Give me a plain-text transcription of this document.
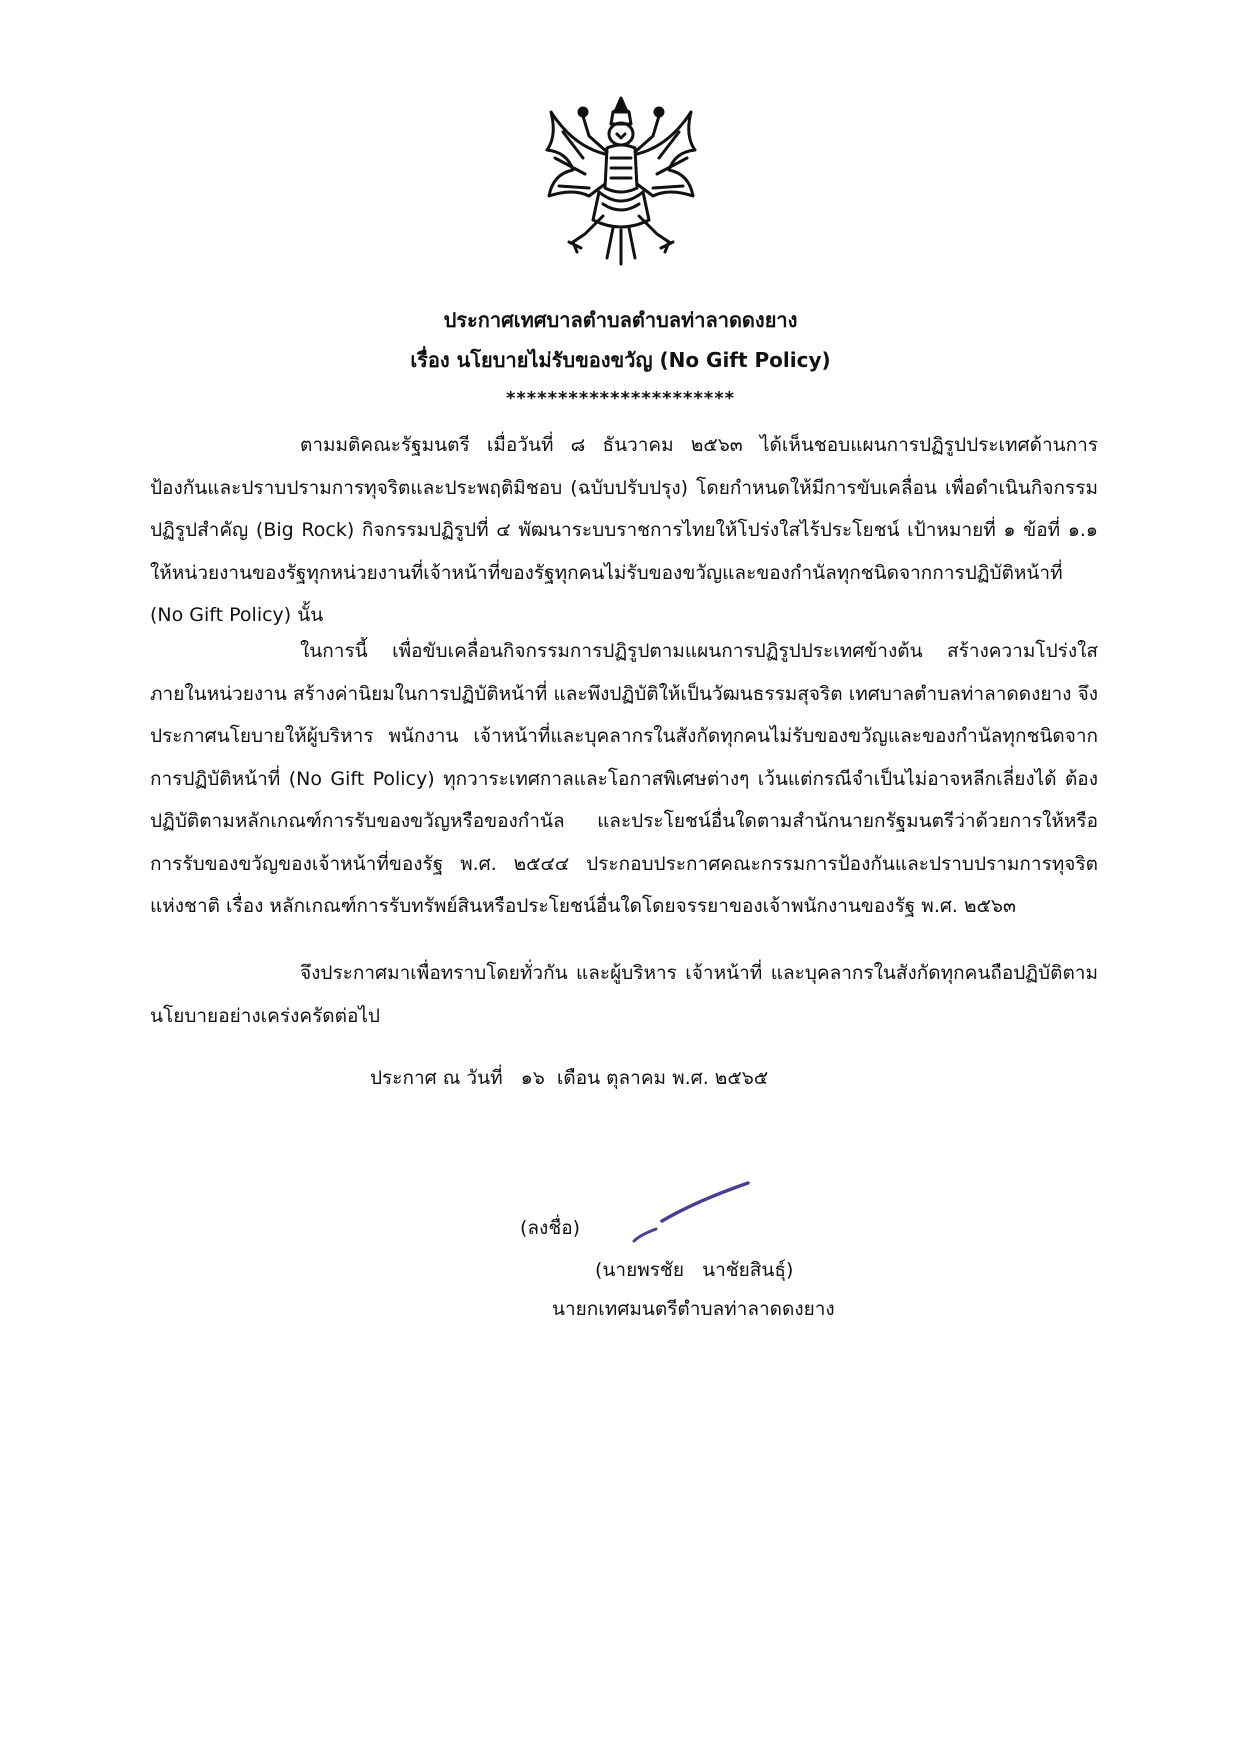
ประกาศเทศบาลตำบลตำบลท่าลาดดงยาง
เรื่อง นโยบายไม่รับของขวัญ (No Gift Policy)
**********************
ตามมติคณะรัฐมนตรี เมื่อวันที่ ๘ ธันวาคม ๒๕๖๓ ได้เห็นชอบแผนการปฏิรูปประเทศด้านการป้องกันและปราบปรามการทุจริตและประพฤติมิชอบ (ฉบับปรับปรุง) โดยกำหนดให้มีการขับเคลื่อน เพื่อดำเนินกิจกรรมปฏิรูปสำคัญ (Big Rock) กิจกรรมปฏิรูปที่ ๔ พัฒนาระบบราชการไทยให้โปร่งใสไร้ประโยชน์ เป้าหมายที่ ๑ ข้อที่ ๑.๑ ให้หน่วยงานของรัฐทุกหน่วยงานที่เจ้าหน้าที่ของรัฐทุกคนไม่รับของขวัญและของกำนัลทุกชนิดจากการปฏิบัติหน้าที่ (No Gift Policy) นั้น
ในการนี้ เพื่อขับเคลื่อนกิจกรรมการปฏิรูปตามแผนการปฏิรูปประเทศข้างต้น สร้างความโปร่งใสภายในหน่วยงาน สร้างค่านิยมในการปฏิบัติหน้าที่ และพึงปฏิบัติให้เป็นวัฒนธรรมสุจริต เทศบาลตำบลท่าลาดดงยาง จึงประกาศนโยบายให้ผู้บริหาร พนักงาน เจ้าหน้าที่และบุคลากรในสังกัดทุกคนไม่รับของขวัญและของกำนัลทุกชนิดจากการปฏิบัติหน้าที่ (No Gift Policy) ทุกวาระเทศกาลและโอกาสพิเศษต่างๆ เว้นแต่กรณีจำเป็นไม่อาจหลีกเลี่ยงได้ ต้องปฏิบัติตามหลักเกณฑ์การรับของขวัญหรือของกำนัล และประโยชน์อื่นใดตามสำนักนายกรัฐมนตรีว่าด้วยการให้หรือการรับของขวัญของเจ้าหน้าที่ของรัฐ พ.ศ. ๒๕๔๔ ประกอบประกาศคณะกรรมการป้องกันและปราบปรามการทุจริตแห่งชาติ เรื่อง หลักเกณฑ์การรับทรัพย์สินหรือประโยชน์อื่นใดโดยจรรยาของเจ้าพนักงานของรัฐ พ.ศ. ๒๕๖๓
จึงประกาศมาเพื่อทราบโดยทั่วกัน และผู้บริหาร เจ้าหน้าที่ และบุคลากรในสังกัดทุกคนถือปฏิบัติตามนโยบายอย่างเคร่งครัดต่อไป
ประกาศ ณ วันที่   ๑๖  เดือน ตุลาคม พ.ศ. ๒๕๖๕
(ลงชื่อ)
(นายพรชัย   นาชัยสินธุ์)
นายกเทศมนตรีตำบลท่าลาดดงยาง
